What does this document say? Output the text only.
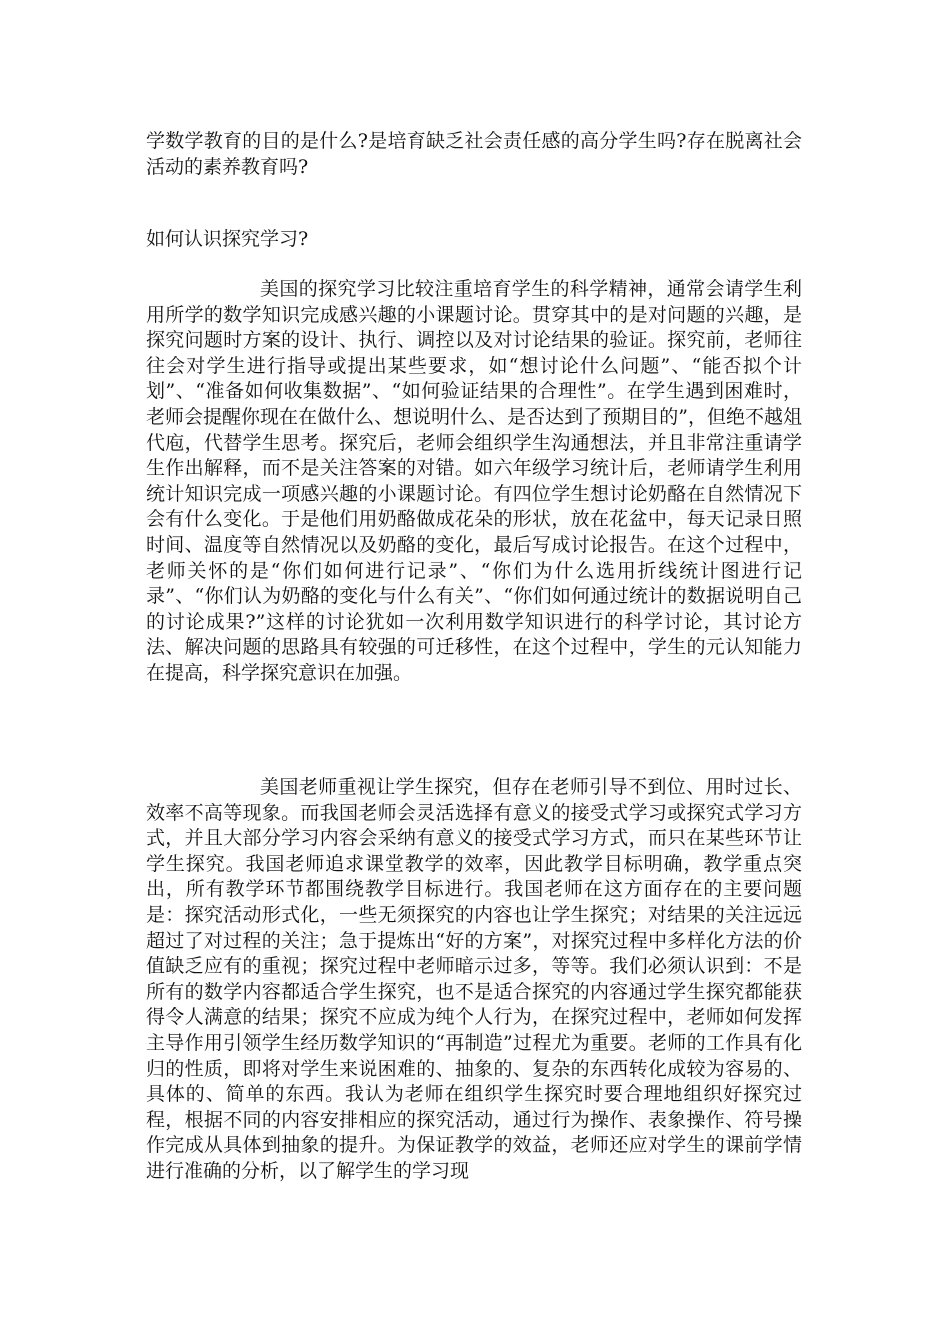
学数学教育的目的是什么?是培育缺乏社会责任感的高分学生吗?存在脱离社会活动的素养教育吗?
如何认识探究学习?
美国的探究学习比较注重培育学生的科学精神，通常会请学生利用所学的数学知识完成感兴趣的小课题讨论。贯穿其中的是对问题的兴趣，是探究问题时方案的设计、执行、调控以及对讨论结果的验证。探究前，老师往往会对学生进行指导或提出某些要求，如“想讨论什么问题”、“能否拟个计划”、“准备如何收集数据”、“如何验证结果的合理性”。在学生遇到困难时，老师会提醒你现在在做什么、想说明什么、是否达到了预期目的”，但绝不越俎代庖，代替学生思考。探究后，老师会组织学生沟通想法，并且非常注重请学生作出解释，而不是关注答案的对错。如六年级学习统计后，老师请学生利用统计知识完成一项感兴趣的小课题讨论。有四位学生想讨论奶酪在自然情况下会有什么变化。于是他们用奶酪做成花朵的形状，放在花盆中，每天记录日照时间、温度等自然情况以及奶酪的变化，最后写成讨论报告。在这个过程中，老师关怀的是“你们如何进行记录”、“你们为什么选用折线统计图进行记录”、“你们认为奶酪的变化与什么有关”、“你们如何通过统计的数据说明自己的讨论成果?”这样的讨论犹如一次利用数学知识进行的科学讨论，其讨论方法、解决问题的思路具有较强的可迁移性，在这个过程中，学生的元认知能力在提高，科学探究意识在加强。
美国老师重视让学生探究，但存在老师引导不到位、用时过长、效率不高等现象。而我国老师会灵活选择有意义的接受式学习或探究式学习方式，并且大部分学习内容会采纳有意义的接受式学习方式，而只在某些环节让学生探究。我国老师追求课堂教学的效率，因此教学目标明确，教学重点突出，所有教学环节都围绕教学目标进行。我国老师在这方面存在的主要问题是：探究活动形式化，一些无须探究的内容也让学生探究；对结果的关注远远超过了对过程的关注；急于提炼出“好的方案”，对探究过程中多样化方法的价值缺乏应有的重视；探究过程中老师暗示过多，等等。我们必须认识到：不是所有的数学内容都适合学生探究，也不是适合探究的内容通过学生探究都能获得令人满意的结果；探究不应成为纯个人行为，在探究过程中，老师如何发挥主导作用引领学生经历数学知识的“再制造”过程尤为重要。老师的工作具有化归的性质，即将对学生来说困难的、抽象的、复杂的东西转化成较为容易的、具体的、简单的东西。我认为老师在组织学生探究时要合理地组织好探究过程，根据不同的内容安排相应的探究活动，通过行为操作、表象操作、符号操作完成从具体到抽象的提升。为保证教学的效益，老师还应对学生的课前学情进行准确的分析，以了解学生的学习现
